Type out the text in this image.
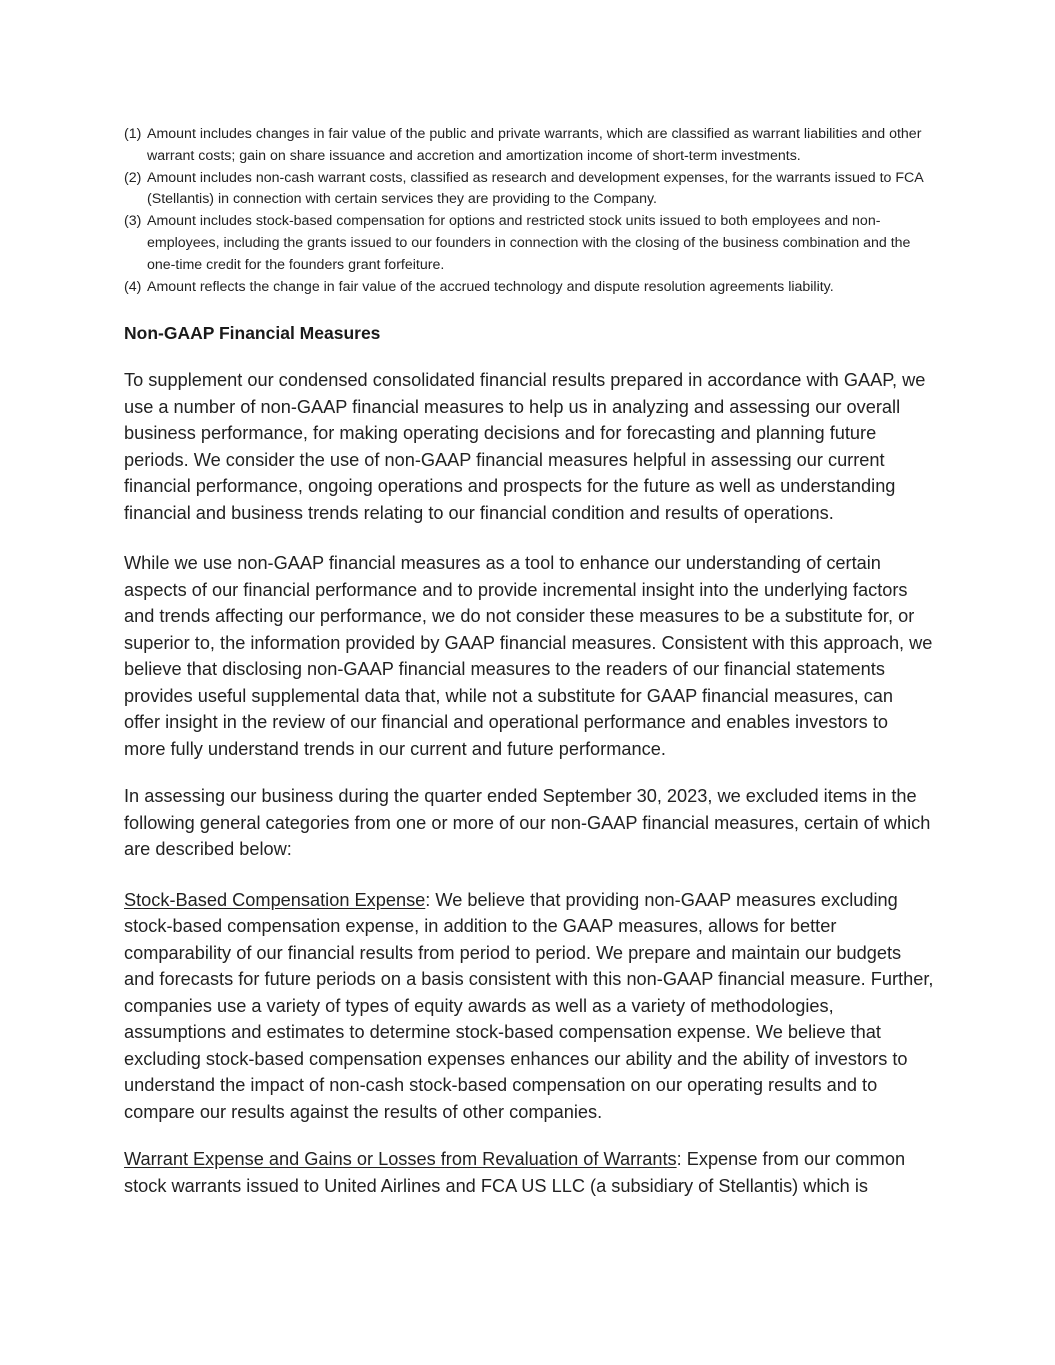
(1) Amount includes changes in fair value of the public and private warrants, which are classified as warrant liabilities and other warrant costs; gain on share issuance and accretion and amortization income of short-term investments.
(2) Amount includes non-cash warrant costs, classified as research and development expenses, for the warrants issued to FCA (Stellantis) in connection with certain services they are providing to the Company.
(3) Amount includes stock-based compensation for options and restricted stock units issued to both employees and non-employees, including the grants issued to our founders in connection with the closing of the business combination and the one-time credit for the founders grant forfeiture.
(4) Amount reflects the change in fair value of the accrued technology and dispute resolution agreements liability.
Non-GAAP Financial Measures

To supplement our condensed consolidated financial results prepared in accordance with GAAP, we use a number of non-GAAP financial measures to help us in analyzing and assessing our overall business performance, for making operating decisions and for forecasting and planning future periods. We consider the use of non-GAAP financial measures helpful in assessing our current financial performance, ongoing operations and prospects for the future as well as understanding financial and business trends relating to our financial condition and results of operations.

While we use non-GAAP financial measures as a tool to enhance our understanding of certain aspects of our financial performance and to provide incremental insight into the underlying factors and trends affecting our performance, we do not consider these measures to be a substitute for, or superior to, the information provided by GAAP financial measures. Consistent with this approach, we believe that disclosing non-GAAP financial measures to the readers of our financial statements provides useful supplemental data that, while not a substitute for GAAP financial measures, can offer insight in the review of our financial and operational performance and enables investors to more fully understand trends in our current and future performance.

In assessing our business during the quarter ended September 30, 2023, we excluded items in the following general categories from one or more of our non-GAAP financial measures, certain of which are described below:

Stock-Based Compensation Expense: We believe that providing non-GAAP measures excluding stock-based compensation expense, in addition to the GAAP measures, allows for better comparability of our financial results from period to period. We prepare and maintain our budgets and forecasts for future periods on a basis consistent with this non-GAAP financial measure. Further, companies use a variety of types of equity awards as well as a variety of methodologies, assumptions and estimates to determine stock-based compensation expense. We believe that excluding stock-based compensation expenses enhances our ability and the ability of investors to understand the impact of non-cash stock-based compensation on our operating results and to compare our results against the results of other companies.

Warrant Expense and Gains or Losses from Revaluation of Warrants: Expense from our common stock warrants issued to United Airlines and FCA US LLC (a subsidiary of Stellantis) which is
